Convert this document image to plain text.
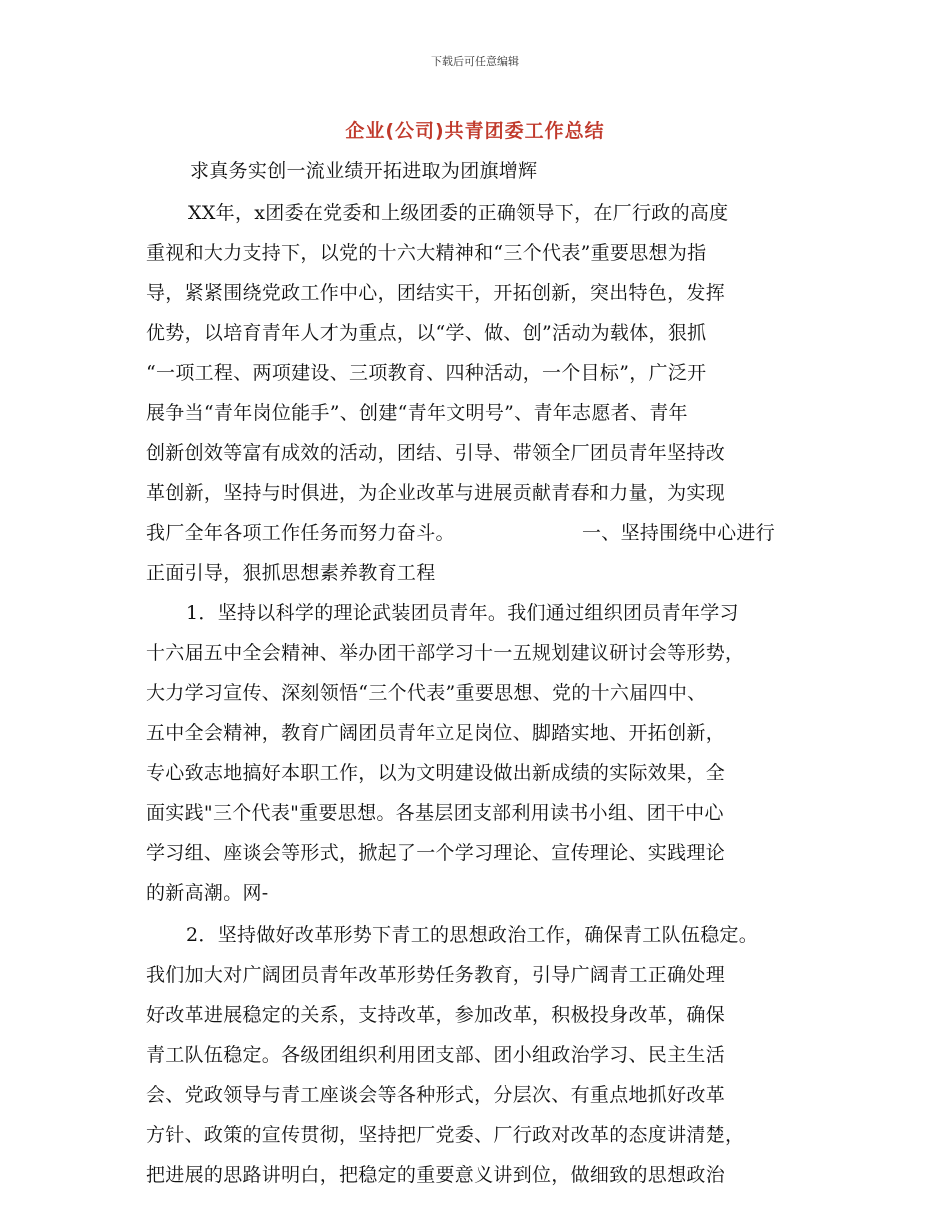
下载后可任意编辑
企业(公司)共青团委工作总结
求真务实创一流业绩开拓进取为团旗增辉
XX年，x团委在党委和上级团委的正确领导下，在厂行政的高度
重视和大力支持下，以党的十六大精神和“三个代表”重要思想为指
导，紧紧围绕党政工作中心，团结实干，开拓创新，突出特色，发挥
优势，以培育青年人才为重点，以“学、做、创”活动为载体，狠抓
“一项工程、两项建设、三项教育、四种活动，一个目标”，广泛开
展争当“青年岗位能手”、创建“青年文明号”、青年志愿者、青年
创新创效等富有成效的活动，团结、引导、带领全厂团员青年坚持改
革创新，坚持与时俱进，为企业改革与进展贡献青春和力量，为实现
我厂全年各项工作任务而努力奋斗。	一、坚持围绕中心进行
正面引导，狠抓思想素养教育工程
1．坚持以科学的理论武装团员青年。我们通过组织团员青年学习
十六届五中全会精神、举办团干部学习十一五规划建议研讨会等形势，
大力学习宣传、深刻领悟“三个代表”重要思想、党的十六届四中、
五中全会精神，教育广阔团员青年立足岗位、脚踏实地、开拓创新，
专心致志地搞好本职工作，以为文明建设做出新成绩的实际效果，全
面实践"三个代表"重要思想。各基层团支部利用读书小组、团干中心
学习组、座谈会等形式，掀起了一个学习理论、宣传理论、实践理论
的新高潮。网-
2．坚持做好改革形势下青工的思想政治工作，确保青工队伍稳定。
我们加大对广阔团员青年改革形势任务教育，引导广阔青工正确处理
好改革进展稳定的关系，支持改革，参加改革，积极投身改革，确保
青工队伍稳定。各级团组织利用团支部、团小组政治学习、民主生活
会、党政领导与青工座谈会等各种形式，分层次、有重点地抓好改革
方针、政策的宣传贯彻，坚持把厂党委、厂行政对改革的态度讲清楚，
把进展的思路讲明白，把稳定的重要意义讲到位，做细致的思想政治
